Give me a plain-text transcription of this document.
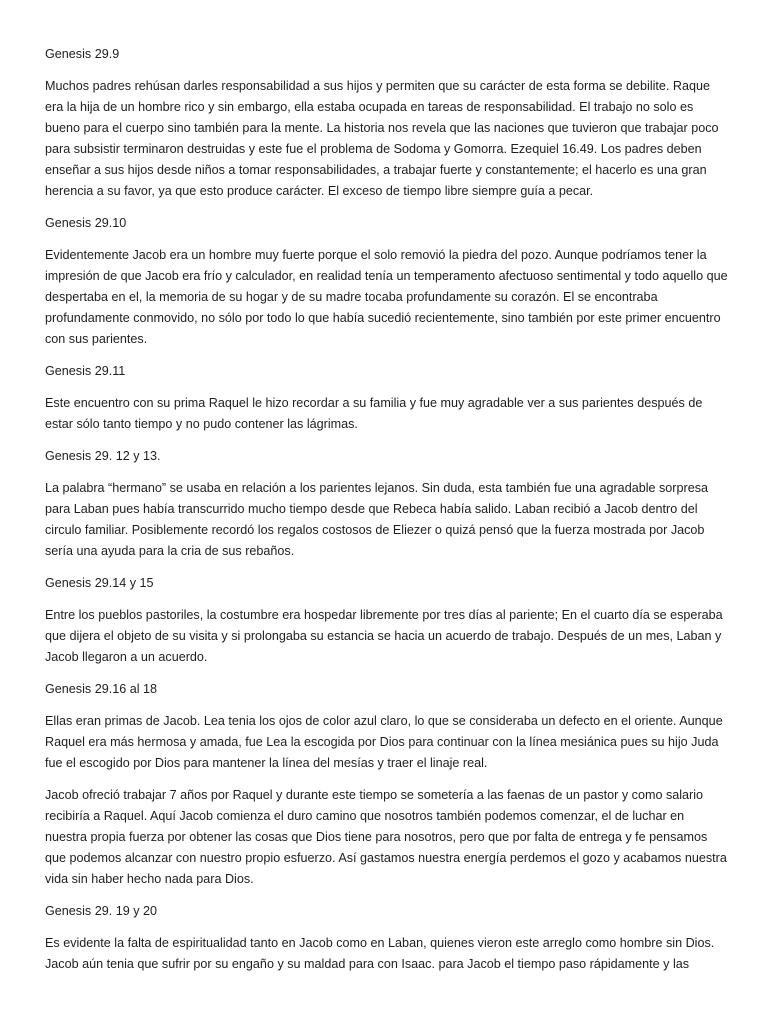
Genesis 29.9
Muchos padres rehúsan darles responsabilidad a sus hijos y permiten que su carácter de esta forma se debilite. Raque era la hija de un hombre rico y sin embargo, ella estaba ocupada en tareas de responsabilidad. El trabajo no solo es bueno para el cuerpo sino también para la mente. La historia nos revela que las naciones que tuvieron que trabajar poco para subsistir terminaron destruidas y este fue el problema de Sodoma y Gomorra. Ezequiel 16.49. Los padres deben enseñar a sus hijos desde niños a tomar responsabilidades, a trabajar fuerte y constantemente; el hacerlo es una gran herencia a su favor, ya que esto produce carácter. El exceso de tiempo libre siempre guía a pecar.
Genesis 29.10
Evidentemente Jacob era un hombre muy fuerte porque el solo removió la piedra del pozo. Aunque podríamos tener la impresión de que Jacob era frío y calculador, en realidad tenía un temperamento afectuoso sentimental y todo aquello que despertaba en el, la memoria de su hogar y de su madre tocaba profundamente su corazón. El se encontraba profundamente conmovido, no sólo por todo lo que había sucedió recientemente, sino también por este primer encuentro con sus parientes.
Genesis 29.11
Este encuentro con su prima Raquel le hizo recordar a su familia y fue muy agradable ver a sus parientes después de estar sólo tanto tiempo y no pudo contener las lágrimas.
Genesis 29. 12 y 13.
La palabra “hermano” se usaba en relación a los parientes lejanos. Sin duda, esta también fue una agradable sorpresa para Laban pues había transcurrido mucho tiempo desde que Rebeca había salido. Laban recibió a Jacob dentro del circulo familiar. Posiblemente recordó los regalos costosos de Eliezer o quizá pensó que la fuerza mostrada por Jacob sería una ayuda para la cria de sus rebaños.
Genesis 29.14 y 15
Entre los pueblos pastoriles, la costumbre era hospedar libremente por tres días al pariente; En el cuarto día se esperaba que dijera el objeto de su visita y si prolongaba su estancia se hacia un acuerdo de trabajo. Después de un mes, Laban y Jacob llegaron a un acuerdo.
Genesis 29.16 al 18
Ellas eran primas de Jacob. Lea tenia los ojos de color azul claro, lo que se consideraba un defecto en el oriente. Aunque Raquel era más hermosa y amada, fue Lea la escogida por Dios para continuar con la línea mesiánica pues su hijo Juda fue el escogido por Dios para mantener la línea del mesías y traer el linaje real.
Jacob ofreció trabajar 7 años por Raquel y durante este tiempo se sometería a las faenas de un pastor y como salario recibiría a Raquel. Aquí Jacob comienza el duro camino que nosotros también podemos comenzar, el de luchar en nuestra propia fuerza por obtener las cosas que Dios tiene para nosotros, pero que por falta de entrega y fe pensamos que podemos alcanzar con nuestro propio esfuerzo. Así gastamos nuestra energía perdemos el gozo y acabamos nuestra vida sin haber hecho nada para Dios.
Genesis 29. 19 y 20
Es evidente la falta de espiritualidad tanto en Jacob como en Laban, quienes vieron este arreglo como hombre sin Dios. Jacob aún tenia que sufrir por su engaño y su maldad para con Isaac. para Jacob el tiempo paso rápidamente y las
